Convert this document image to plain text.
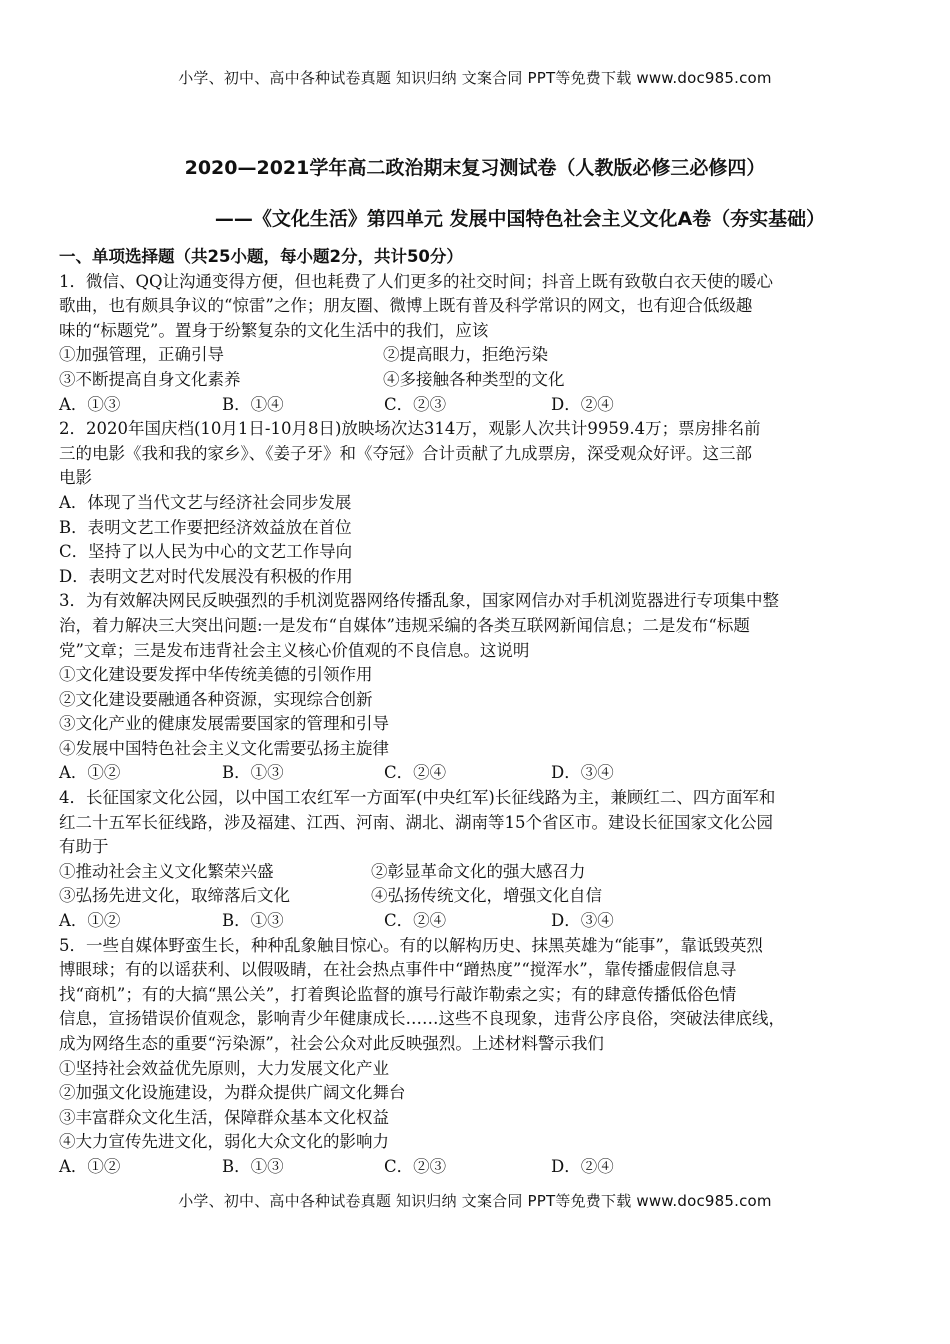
小学、初中、高中各种试卷真题 知识归纳 文案合同 PPT等免费下载 www.doc985.com
2020—2021学年高二政治期末复习测试卷（人教版必修三必修四）
——《文化生活》第四单元 发展中国特色社会主义文化A卷（夯实基础）
一、单项选择题（共25小题，每小题2分，共计50分）
1．微信、QQ让沟通变得方便，但也耗费了人们更多的社交时间；抖音上既有致敬白衣天使的暖心
歌曲，也有颇具争议的“惊雷”之作；朋友圈、微博上既有普及科学常识的网文，也有迎合低级趣
味的“标题党”。置身于纷繁复杂的文化生活中的我们，应该
①加强管理，正确引导	②提高眼力，拒绝污染
③不断提高自身文化素养	④多接触各种类型的文化
A．①③	B．①④	C．②③	D．②④
2．2020年国庆档(10月1日-10月8日)放映场次达314万，观影人次共计9959.4万；票房排名前
三的电影《我和我的家乡》、《姜子牙》和《夺冠》合计贡献了九成票房，深受观众好评。这三部
电影
A．体现了当代文艺与经济社会同步发展
B．表明文艺工作要把经济效益放在首位
C．坚持了以人民为中心的文艺工作导向
D．表明文艺对时代发展没有积极的作用
3．为有效解决网民反映强烈的手机浏览器网络传播乱象，国家网信办对手机浏览器进行专项集中整
治，着力解决三大突出问题:一是发布“自媒体”违规采编的各类互联网新闻信息；二是发布“标题
党”文章；三是发布违背社会主义核心价值观的不良信息。这说明
①文化建设要发挥中华传统美德的引领作用
②文化建设要融通各种资源，实现综合创新
③文化产业的健康发展需要国家的管理和引导
④发展中国特色社会主义文化需要弘扬主旋律
A．①②	B．①③	C．②④	D．③④
4．长征国家文化公园，以中国工农红军一方面军(中央红军)长征线路为主，兼顾红二、四方面军和
红二十五军长征线路，涉及福建、江西、河南、湖北、湖南等15个省区市。建设长征国家文化公园
有助于
①推动社会主义文化繁荣兴盛	②彰显革命文化的强大感召力
③弘扬先进文化，取缔落后文化	④弘扬传统文化，增强文化自信
A．①②	B．①③	C．②④	D．③④
5．一些自媒体野蛮生长，种种乱象触目惊心。有的以解构历史、抹黑英雄为“能事”，靠诋毁英烈
博眼球；有的以谣获利、以假吸睛，在社会热点事件中“蹭热度”“搅浑水”，靠传播虚假信息寻
找“商机”；有的大搞“黑公关”，打着舆论监督的旗号行敲诈勒索之实；有的肆意传播低俗色情
信息，宣扬错误价值观念，影响青少年健康成长……这些不良现象，违背公序良俗，突破法律底线，
成为网络生态的重要“污染源”，社会公众对此反映强烈。上述材料警示我们
①坚持社会效益优先原则，大力发展文化产业
②加强文化设施建设，为群众提供广阔文化舞台
③丰富群众文化生活，保障群众基本文化权益
④大力宣传先进文化，弱化大众文化的影响力
A．①②	B．①③	C．②③	D．②④
小学、初中、高中各种试卷真题 知识归纳 文案合同 PPT等免费下载 www.doc985.com
